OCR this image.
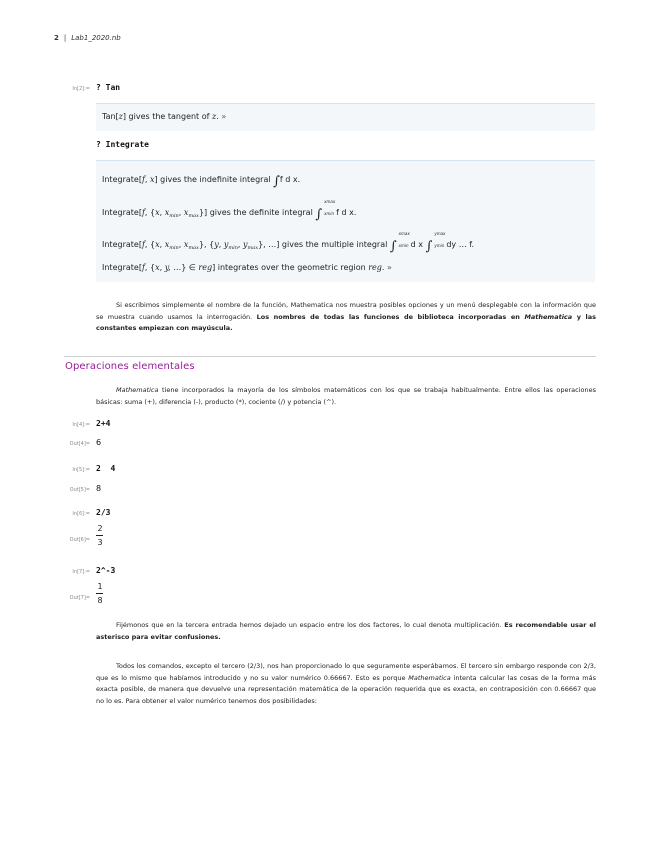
2 | Lab1_2020.nb
In[2]:= ? Tan
Tan[z] gives the tangent of z. »
? Integrate
Integrate[f, x] gives the indefinite integral ∫f d x.
Integrate[f, {x, $x_{min}$, $x_{max}$}] gives the definite integral ∫
xmax
xmin f d x.
Integrate[f, {x, $x_{min}$, $x_{max}$}, {y, $y_{min}$, $y_{max}$}, …] gives the multiple integral ∫
xmax
xmin d x ∫
ymax
ymin dy … f.
Integrate[f, {x, y, …} ∈ reg] integrates over the geometric region reg. »
Si escribimos simplemente el nombre de la función, Mathematica nos muestra posibles opciones y un menú desplegable con la información que se muestra cuando usamos la interrogación. Los nombres de todas las funciones de biblioteca incorporadas en Mathematica y las constantes empiezan con mayúscula.
Operaciones elementales
Mathematica tiene incorporados la mayoría de los símbolos matemáticos con los que se trabaja habitualmente. Entre ellos las operaciones básicas: suma (+), diferencia (-), producto (*), cociente (/) y potencia (^).
In[4]:= 2+4
Out[4]= 6
In[5]:= 2  4
Out[5]= 8
In[6]:= 2/3
Out[6]=
2
3
In[7]:= 2^-3
Out[7]=
1
8
Fijémonos que en la tercera entrada hemos dejado un espacio entre los dos factores, lo cual denota multiplicación. Es recomendable usar el asterisco para evitar confusiones.
Todos los comandos, excepto el tercero (2/3), nos han proporcionado lo que seguramente esperábamos. El tercero sin embargo responde con 2/3, que es lo mismo que habíamos introducido y no su valor numérico 0.66667. Esto es porque Mathematica intenta calcular las cosas de la forma más exacta posible, de manera que devuelve una representación matemática de la operación requerida que es exacta, en contraposición con 0.66667 que no lo es. Para obtener el valor numérico tenemos dos posibilidades:
